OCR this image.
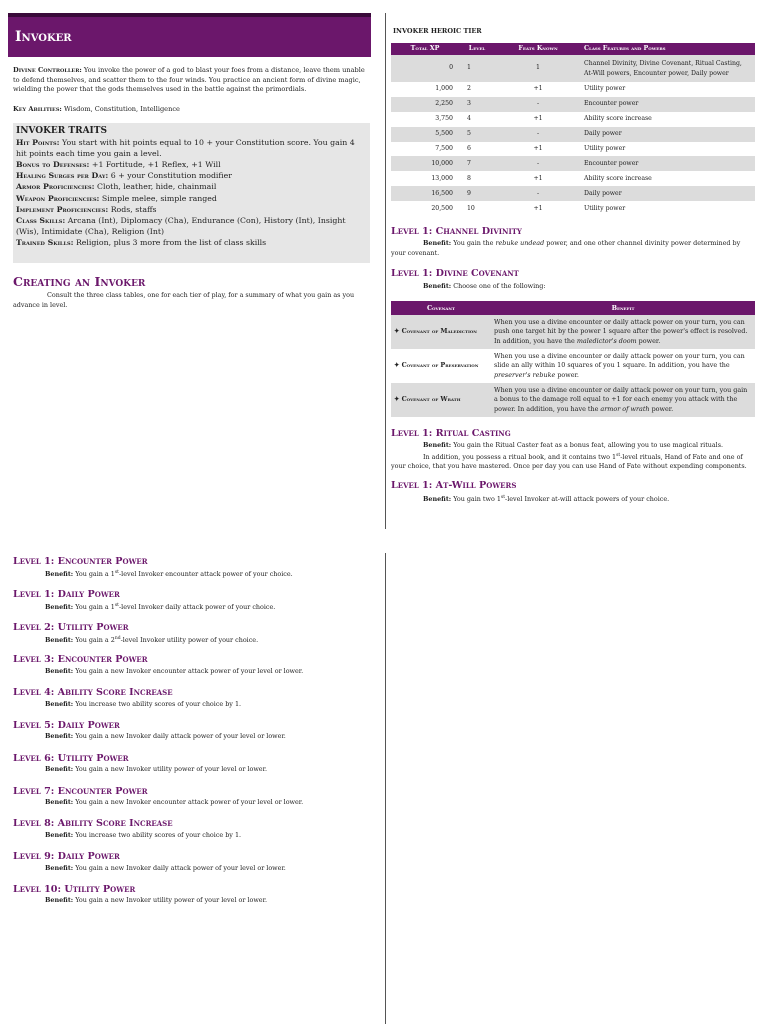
Invoker
Divine Controller: You invoke the power of a god to blast your foes from a distance, leave them unable to defend themselves, and scatter them to the four winds. You practice an ancient form of divine magic, wielding the power that the gods themselves used in the battle against the primordials.
Key Abilities: Wisdom, Constitution, Intelligence
INVOKER TRAITS
Hit Points: You start with hit points equal to 10 + your Constitution score. You gain 4 hit points each time you gain a level.
Bonus to Defenses: +1 Fortitude, +1 Reflex, +1 Will
Healing Surges per Day: 6 + your Constitution modifier
Armor Proficiencies: Cloth, leather, hide, chainmail
Weapon Proficiencies: Simple melee, simple ranged
Implement Proficiencies: Rods, staffs
Class Skills: Arcana (Int), Diplomacy (Cha), Endurance (Con), History (Int), Insight (Wis), Intimidate (Cha), Religion (Int)
Trained Skills: Religion, plus 3 more from the list of class skills
Creating an Invoker
Consult the three class tables, one for each tier of play, for a summary of what you gain as you advance in level.
INVOKER HEROIC TIER
Total XP	Level	Feats Known	Class Features and Powers
0	1	1	Channel Divinity, Divine Covenant, Ritual Casting, At-Will powers, Encounter power, Daily power
1,000	2	+1	Utility power
2,250	3	-	Encounter power
3,750	4	+1	Ability score increase
5,500	5	-	Daily power
7,500	6	+1	Utility power
10,000	7	-	Encounter power
13,000	8	+1	Ability score increase
16,500	9	-	Daily power
20,500	10	+1	Utility power
Level 1: Channel Divinity
Benefit: You gain the rebuke undead power, and one other channel divinity power determined by your covenant.
Level 1: Divine Covenant
Benefit: Choose one of the following:
Covenant	Benefit
✦ Covenant of Malediction	When you use a divine encounter or daily attack power on your turn, you can push one target hit by the power 1 square after the power's effect is resolved. In addition, you have the maledictor's doom power.
✦ Covenant of Preservation	When you use a divine encounter or daily attack power on your turn, you can slide an ally within 10 squares of you 1 square. In addition, you have the preserver's rebuke power.
✦ Covenant of Wrath	When you use a divine encounter or daily attack power on your turn, you gain a bonus to the damage roll equal to +1 for each enemy you attack with the power. In addition, you have the armor of wrath power.
Level 1: Ritual Casting
Benefit: You gain the Ritual Caster feat as a bonus feat, allowing you to use magical rituals.
In addition, you possess a ritual book, and it contains two 1st-level rituals, Hand of Fate and one of your choice, that you have mastered. Once per day you can use Hand of Fate without expending components.
Level 1: At-Will Powers
Benefit: You gain two 1st-level Invoker at-will attack powers of your choice.
Level 1: Encounter Power
Benefit: You gain a 1st-level Invoker encounter attack power of your choice.
Level 1: Daily Power
Benefit: You gain a 1st-level Invoker daily attack power of your choice.
Level 2: Utility Power
Benefit: You gain a 2nd-level Invoker utility power of your choice.
Level 3: Encounter Power
Benefit: You gain a new Invoker encounter attack power of your level or lower.
Level 4: Ability Score Increase
Benefit: You increase two ability scores of your choice by 1.
Level 5: Daily Power
Benefit: You gain a new Invoker daily attack power of your level or lower.
Level 6: Utility Power
Benefit: You gain a new Invoker utility power of your level or lower.
Level 7: Encounter Power
Benefit: You gain a new Invoker encounter attack power of your level or lower.
Level 8: Ability Score Increase
Benefit: You increase two ability scores of your choice by 1.
Level 9: Daily Power
Benefit: You gain a new Invoker daily attack power of your level or lower.
Level 10: Utility Power
Benefit: You gain a new Invoker utility power of your level or lower.
